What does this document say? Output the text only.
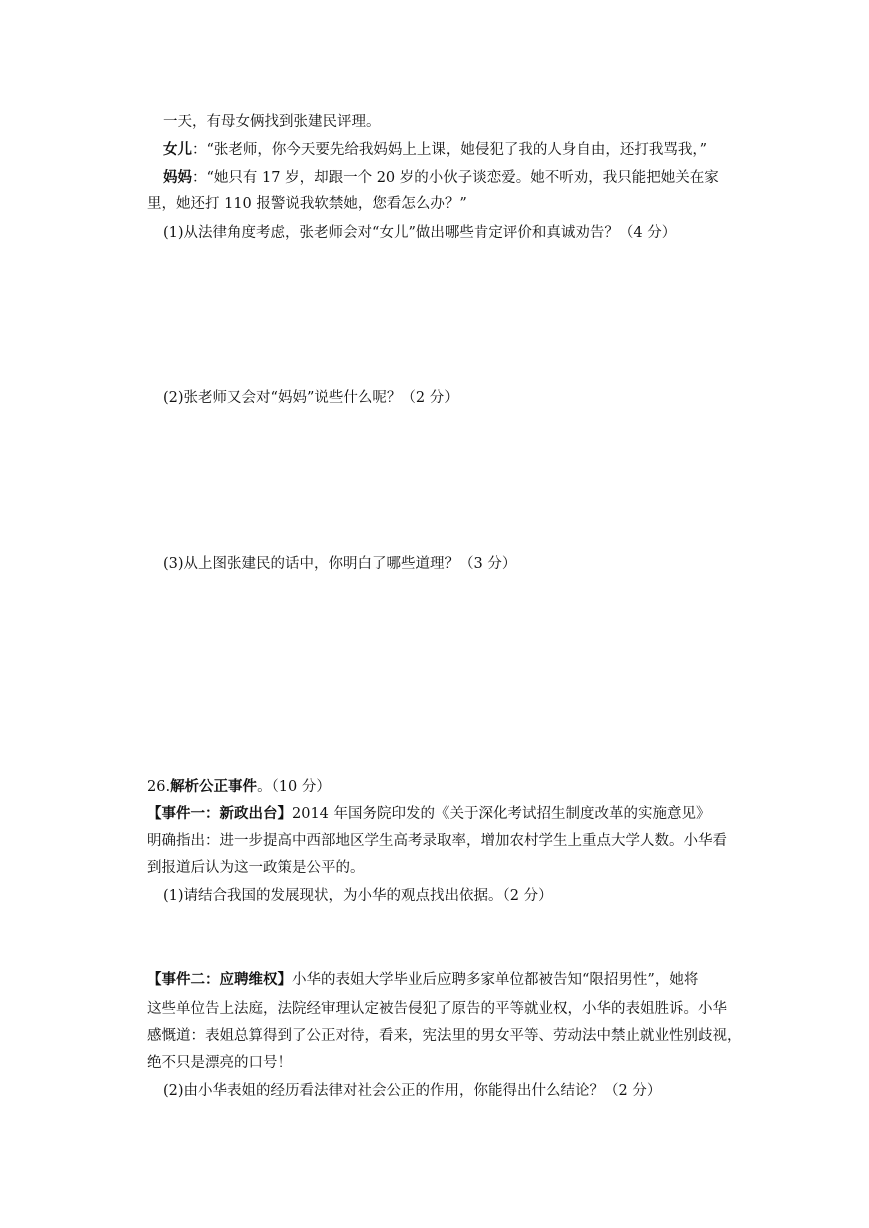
一天，有母女俩找到张建民评理。
女儿：“张老师，你今天要先给我妈妈上上课，她侵犯了我的人身自由，还打我骂我，”
妈妈：“她只有 17 岁，却跟一个 20 岁的小伙子谈恋爱。她不听劝，我只能把她关在家
里，她还打 110 报警说我软禁她，您看怎么办？”
(1)从法律角度考虑，张老师会对“女儿”做出哪些肯定评价和真诚劝告？（4 分）
(2)张老师又会对“妈妈”说些什么呢？（2 分）
(3)从上图张建民的话中，你明白了哪些道理？（3 分）
26.解析公正事件。（10 分）
【事件一：新政出台】2014 年国务院印发的《关于深化考试招生制度改革的实施意见》
明确指出：进一步提高中西部地区学生高考录取率，增加农村学生上重点大学人数。小华看
到报道后认为这一政策是公平的。
(1)请结合我国的发展现状，为小华的观点找出依据。（2 分）
【事件二：应聘维权】小华的表姐大学毕业后应聘多家单位都被告知“限招男性”，她将
这些单位告上法庭，法院经审理认定被告侵犯了原告的平等就业权，小华的表姐胜诉。小华
感慨道：表姐总算得到了公正对待，看来，宪法里的男女平等、劳动法中禁止就业性别歧视，
绝不只是漂亮的口号！
(2)由小华表姐的经历看法律对社会公正的作用，你能得出什么结论？（2 分）
